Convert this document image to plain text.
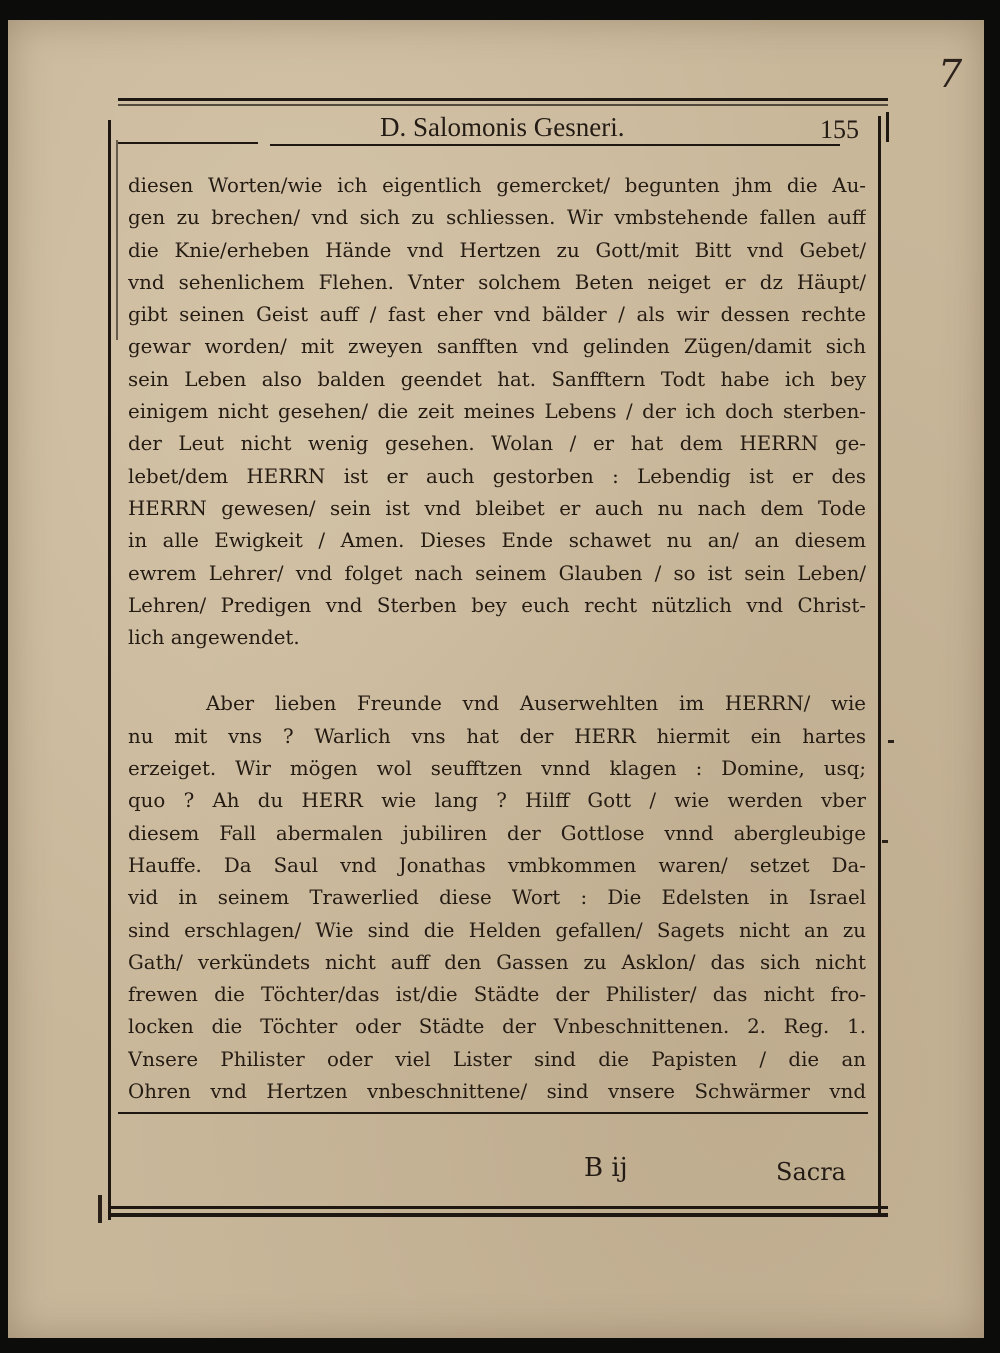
7
D. Salomonis Gesneri.	155
diesen Worten/wie ich eigentlich gemercket/ begunten jhm die Au-
gen zu brechen/ vnd sich zu schliessen. Wir vmbstehende fallen auff
die Knie/erheben Hände vnd Hertzen zu Gott/mit Bitt vnd Gebet/
vnd sehenlichem Flehen. Vnter solchem Beten neiget er dz Häupt/
gibt seinen Geist auff / fast eher vnd bälder / als wir dessen rechte
gewar worden/ mit zweyen sanfften vnd gelinden Zügen/damit sich
sein Leben also balden geendet hat. Sanfftern Todt habe ich bey
einigem nicht gesehen/ die zeit meines Lebens / der ich doch sterben-
der Leut nicht wenig gesehen. Wolan / er hat dem HERRN ge-
lebet/dem HERRN ist er auch gestorben : Lebendig ist er des
HERRN gewesen/ sein ist vnd bleibet er auch nu nach dem Tode
in alle Ewigkeit / Amen. Dieses Ende schawet nu an/ an diesem
ewrem Lehrer/ vnd folget nach seinem Glauben / so ist sein Leben/
Lehren/ Predigen vnd Sterben bey euch recht nützlich vnd Christ-
lich angewendet.
Aber lieben Freunde vnd Auserwehlten im HERRN/ wie
nu mit vns ? Warlich vns hat der HERR hiermit ein hartes
erzeiget. Wir mögen wol seufftzen vnnd klagen : Domine, usq;
quo ? Ah du HERR wie lang ? Hilff Gott / wie werden vber
diesem Fall abermalen jubiliren der Gottlose vnnd abergleubige
Hauffe. Da Saul vnd Jonathas vmbkommen waren/ setzet Da-
vid in seinem Trawerlied diese Wort : Die Edelsten in Israel
sind erschlagen/ Wie sind die Helden gefallen/ Sagets nicht an zu
Gath/ verkündets nicht auff den Gassen zu Asklon/ das sich nicht
frewen die Töchter/das ist/die Städte der Philister/ das nicht fro-
locken die Töchter oder Städte der Vnbeschnittenen. 2. Reg. 1.
Vnsere Philister oder viel Lister sind die Papisten / die an
Ohren vnd Hertzen vnbeschnittene/ sind vnsere Schwärmer vnd
B ij	Sacra
